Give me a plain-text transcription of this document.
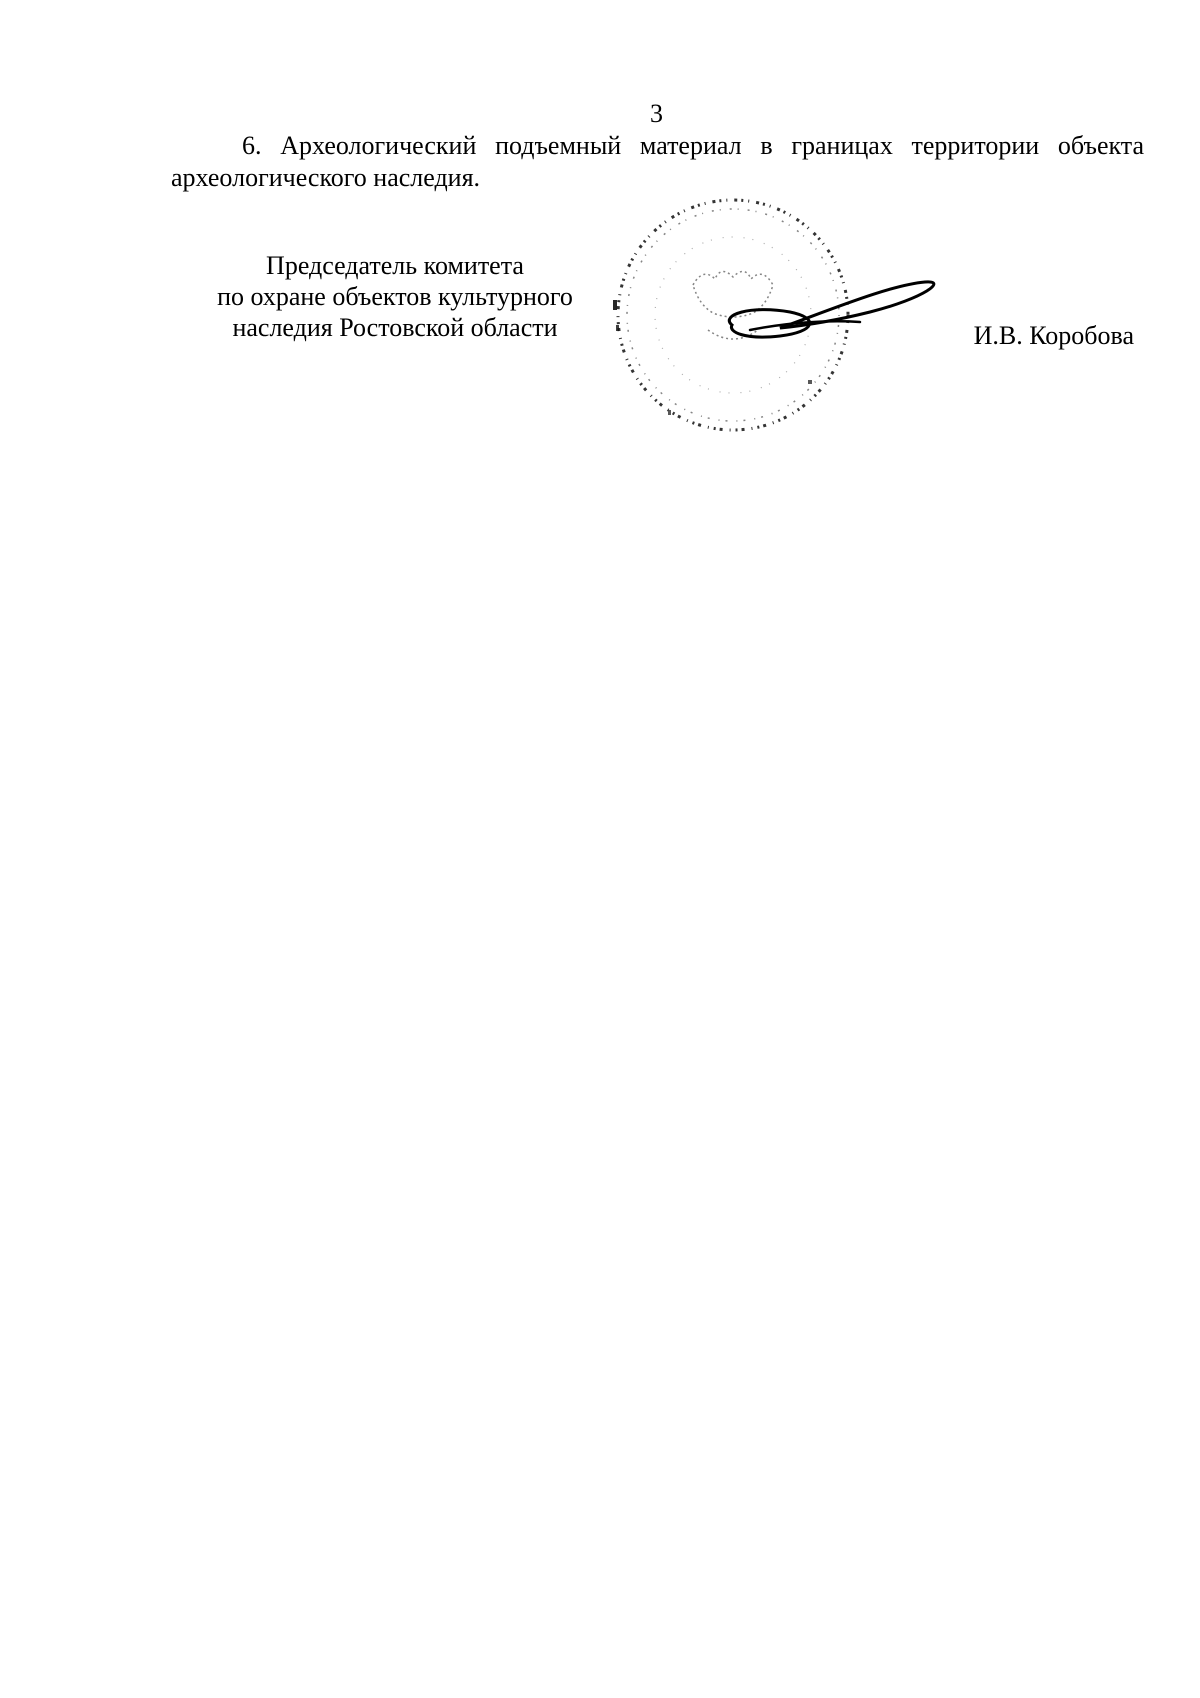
3
6. Археологический подъемный материал в границах территории объекта археологического наследия.
Председатель комитета
по охране объектов культурного
наследия Ростовской области	И.В. Коробова
